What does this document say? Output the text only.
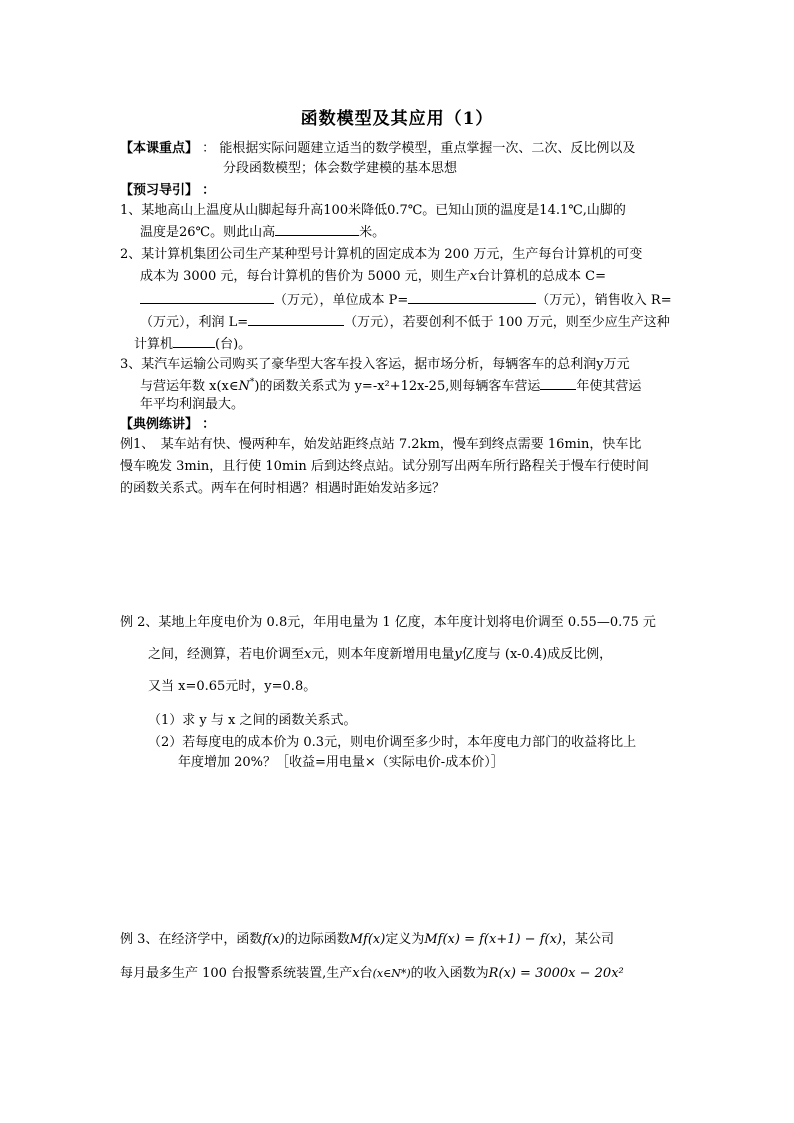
函数模型及其应用（1）
【本课重点】 ： 能根据实际问题建立适当的数学模型，重点掌握一次、二次、反比例以及
分段函数模型；体会数学建模的基本思想
【预习导引】 ：
1、某地高山上温度从山脚起每升高100米降低0.7℃。已知山顶的温度是14.1℃,山脚的
温度是26℃。则此山高	米。
2、某计算机集团公司生产某种型号计算机的固定成本为 200 万元，生产每台计算机的可变
成本为 3000 元，每台计算机的售价为 5000 元，则生产x台计算机的总成本 C=
（万元），单位成本 P=	（万元），销售收入 R=
（万元），利润 L=	（万元），若要创利不低于 100 万元，则至少应生产这种
计算机	(台)。
3、某汽车运输公司购买了豪华型大客车投入客运，据市场分析，每辆客车的总利润y万元
与营运年数 x(x∈N*)的函数关系式为 y=-x²+12x-25,则每辆客车营运	年使其营运
年平均利润最大。
【典例练讲】 ：
例1、　某车站有快、慢两种车，始发站距终点站 7.2km，慢车到终点需要 16min，快车比
慢车晚发 3min，且行使 10min 后到达终点站。试分别写出两车所行路程关于慢车行使时间
的函数关系式。两车在何时相遇？相遇时距始发站多远？
例 2、某地上年度电价为 0.8元，年用电量为 1 亿度，本年度计划将电价调至 0.55—0.75 元
之间，经测算，若电价调至x元，则本年度新增用电量y亿度与 (x-0.4)成反比例，
又当 x=0.65元时，y=0.8。
（1）求 y 与 x 之间的函数关系式。
（2）若每度电的成本价为 0.3元，则电价调至多少时，本年度电力部门的收益将比上
年度增加 20%？［收益=用电量×（实际电价-成本价）］
例 3、在经济学中，函数f(x)的边际函数Mf(x)定义为Mf(x) = f(x+1) − f(x)，某公司
每月最多生产 100 台报警系统装置,生产x台(x∈N*)的收入函数为R(x) = 3000x − 20x²
